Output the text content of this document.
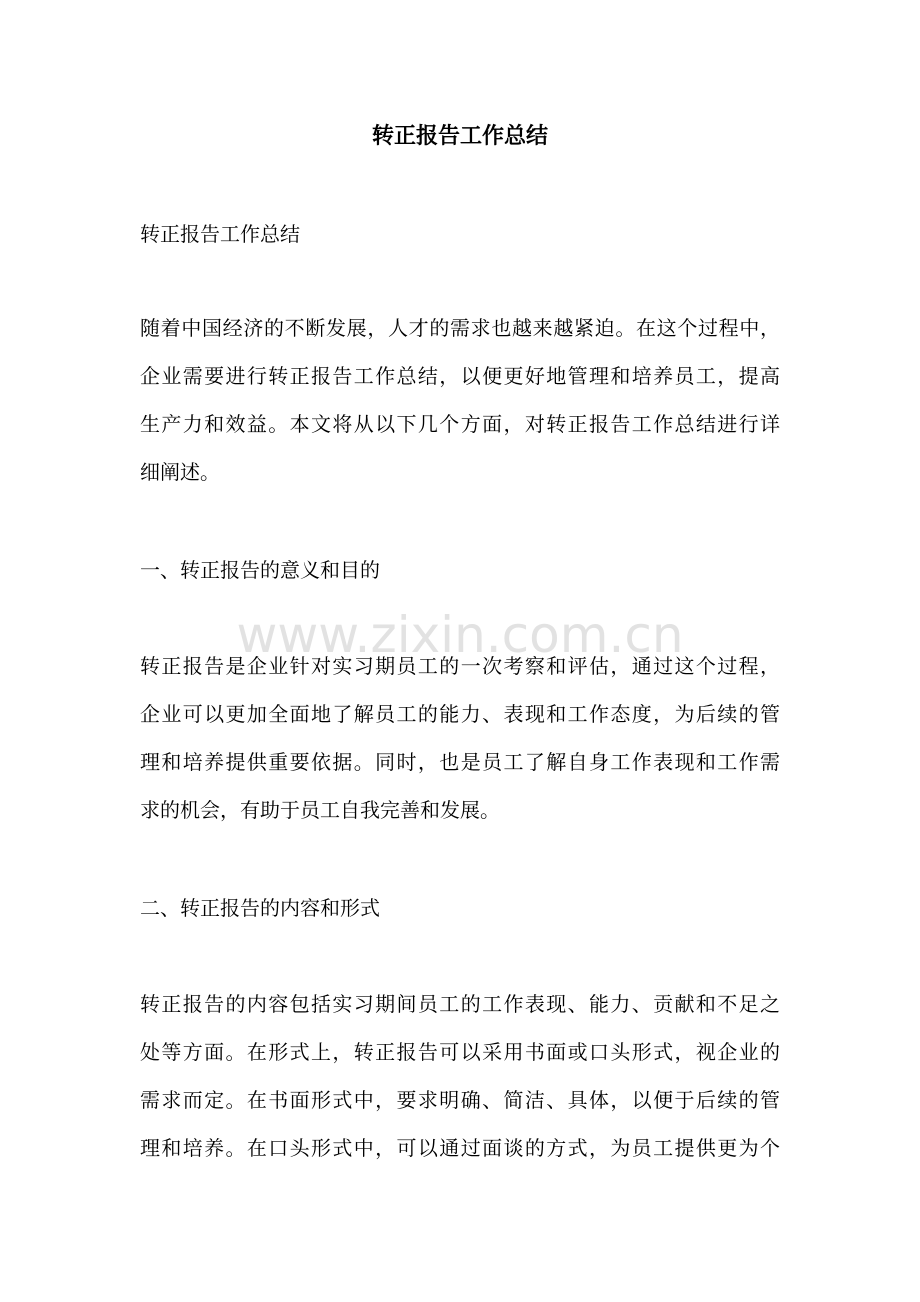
www.zixin.com.cn
转正报告工作总结

转正报告工作总结

随着中国经济的不断发展，人才的需求也越来越紧迫。在这个过程中，

企业需要进行转正报告工作总结，以便更好地管理和培养员工，提高

生产力和效益。本文将从以下几个方面，对转正报告工作总结进行详

细阐述。

一、转正报告的意义和目的

转正报告是企业针对实习期员工的一次考察和评估，通过这个过程，

企业可以更加全面地了解员工的能力、表现和工作态度，为后续的管

理和培养提供重要依据。同时，也是员工了解自身工作表现和工作需

求的机会，有助于员工自我完善和发展。

二、转正报告的内容和形式

转正报告的内容包括实习期间员工的工作表现、能力、贡献和不足之

处等方面。在形式上，转正报告可以采用书面或口头形式，视企业的

需求而定。在书面形式中，要求明确、简洁、具体，以便于后续的管

理和培养。在口头形式中，可以通过面谈的方式，为员工提供更为个
